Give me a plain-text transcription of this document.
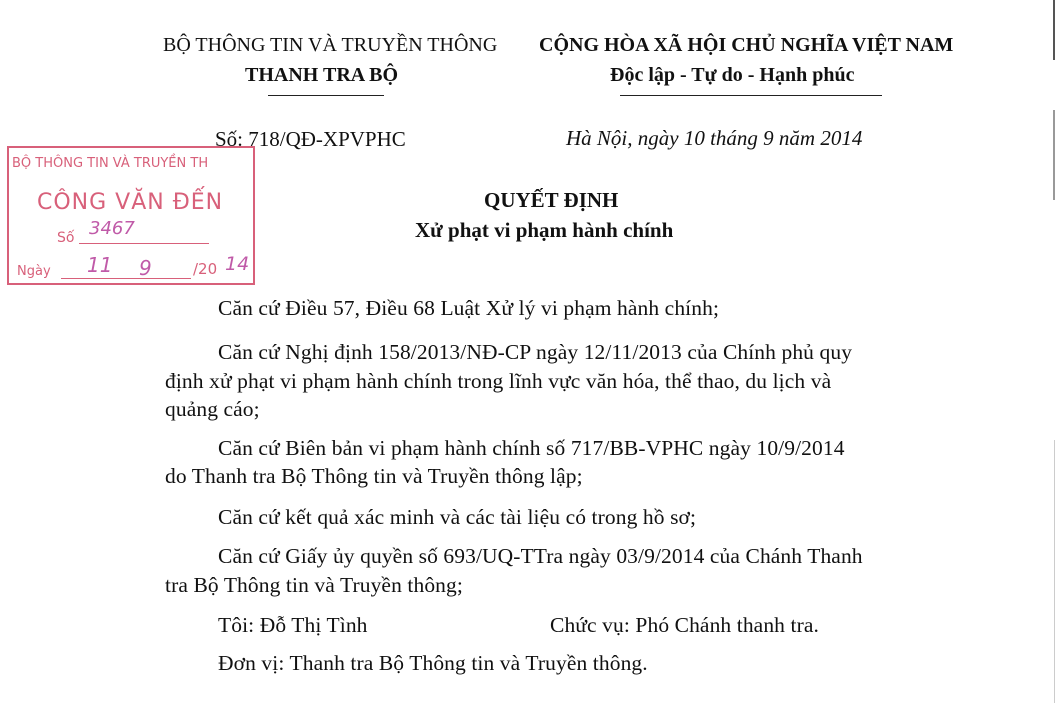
BỘ THÔNG TIN VÀ TRUYỀN THÔNG
THANH TRA BỘ
Số: 718/QĐ-XPVPHC
CỘNG HÒA XÃ HỘI CHỦ NGHĨA VIỆT NAM
Độc lập - Tự do - Hạnh phúc
Hà Nội, ngày 10 tháng 9 năm 2014
BỘ THÔNG TIN VÀ TRUYỀN TH
CÔNG VĂN ĐẾN
Số 3467
Ngày 11 9	/20 14
QUYẾT ĐỊNH
Xử phạt vi phạm hành chính
Căn cứ Điều 57, Điều 68 Luật Xử lý vi phạm hành chính;
Căn cứ Nghị định 158/2013/NĐ-CP ngày 12/11/2013 của Chính phủ quy
định xử phạt vi phạm hành chính trong lĩnh vực văn hóa, thể thao, du lịch và
quảng cáo;
Căn cứ Biên bản vi phạm hành chính số 717/BB-VPHC ngày 10/9/2014
do Thanh tra Bộ Thông tin và Truyền thông lập;
Căn cứ kết quả xác minh và các tài liệu có trong hồ sơ;
Căn cứ Giấy ủy quyền số 693/UQ-TTra ngày 03/9/2014 của Chánh Thanh
tra Bộ Thông tin và Truyền thông;
Tôi: Đỗ Thị Tình	Chức vụ: Phó Chánh thanh tra.
Đơn vị: Thanh tra Bộ Thông tin và Truyền thông.
